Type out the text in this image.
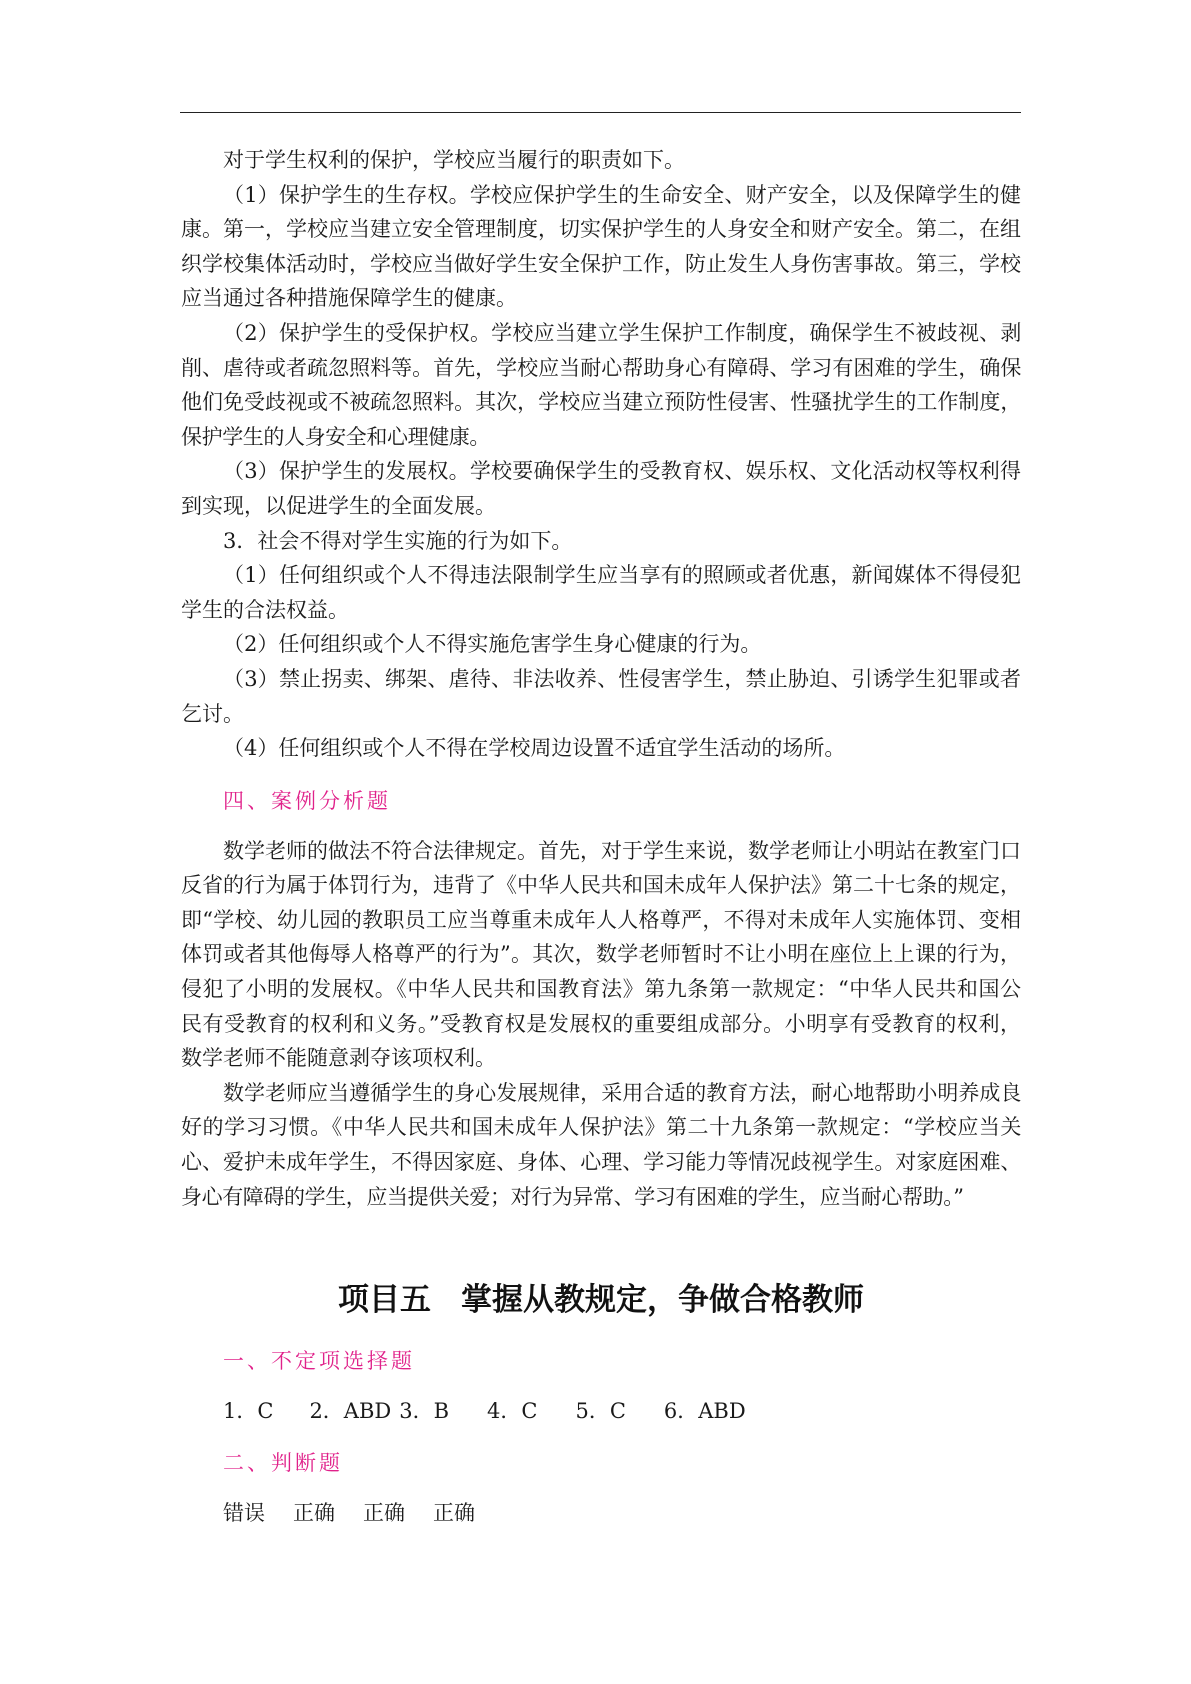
对于学生权利的保护，学校应当履行的职责如下。

（1）保护学生的生存权。学校应保护学生的生命安全、财产安全，以及保障学生的健康。第一，学校应当建立安全管理制度，切实保护学生的人身安全和财产安全。第二，在组织学校集体活动时，学校应当做好学生安全保护工作，防止发生人身伤害事故。第三，学校应当通过各种措施保障学生的健康。

（2）保护学生的受保护权。学校应当建立学生保护工作制度，确保学生不被歧视、剥削、虐待或者疏忽照料等。首先，学校应当耐心帮助身心有障碍、学习有困难的学生，确保他们免受歧视或不被疏忽照料。其次，学校应当建立预防性侵害、性骚扰学生的工作制度，保护学生的人身安全和心理健康。

（3）保护学生的发展权。学校要确保学生的受教育权、娱乐权、文化活动权等权利得到实现，以促进学生的全面发展。

3．社会不得对学生实施的行为如下。

（1）任何组织或个人不得违法限制学生应当享有的照顾或者优惠，新闻媒体不得侵犯学生的合法权益。

（2）任何组织或个人不得实施危害学生身心健康的行为。

（3）禁止拐卖、绑架、虐待、非法收养、性侵害学生，禁止胁迫、引诱学生犯罪或者乞讨。

（4）任何组织或个人不得在学校周边设置不适宜学生活动的场所。

四、案例分析题

数学老师的做法不符合法律规定。首先，对于学生来说，数学老师让小明站在教室门口反省的行为属于体罚行为，违背了《中华人民共和国未成年人保护法》第二十七条的规定，即“学校、幼儿园的教职员工应当尊重未成年人人格尊严，不得对未成年人实施体罚、变相体罚或者其他侮辱人格尊严的行为”。其次，数学老师暂时不让小明在座位上上课的行为，侵犯了小明的发展权。《中华人民共和国教育法》第九条第一款规定：“中华人民共和国公民有受教育的权利和义务。”受教育权是发展权的重要组成部分。小明享有受教育的权利，数学老师不能随意剥夺该项权利。

数学老师应当遵循学生的身心发展规律，采用合适的教育方法，耐心地帮助小明养成良好的学习习惯。《中华人民共和国未成年人保护法》第二十九条第一款规定：“学校应当关心、爱护未成年学生，不得因家庭、身体、心理、学习能力等情况歧视学生。对家庭困难、身心有障碍的学生，应当提供关爱；对行为异常、学习有困难的学生，应当耐心帮助。”

项目五 掌握从教规定，争做合格教师
一、不定项选择题

1．C 2．ABD 3．B 4．C 5．C 6．ABD

二、判断题

错误 正确 正确 正确
